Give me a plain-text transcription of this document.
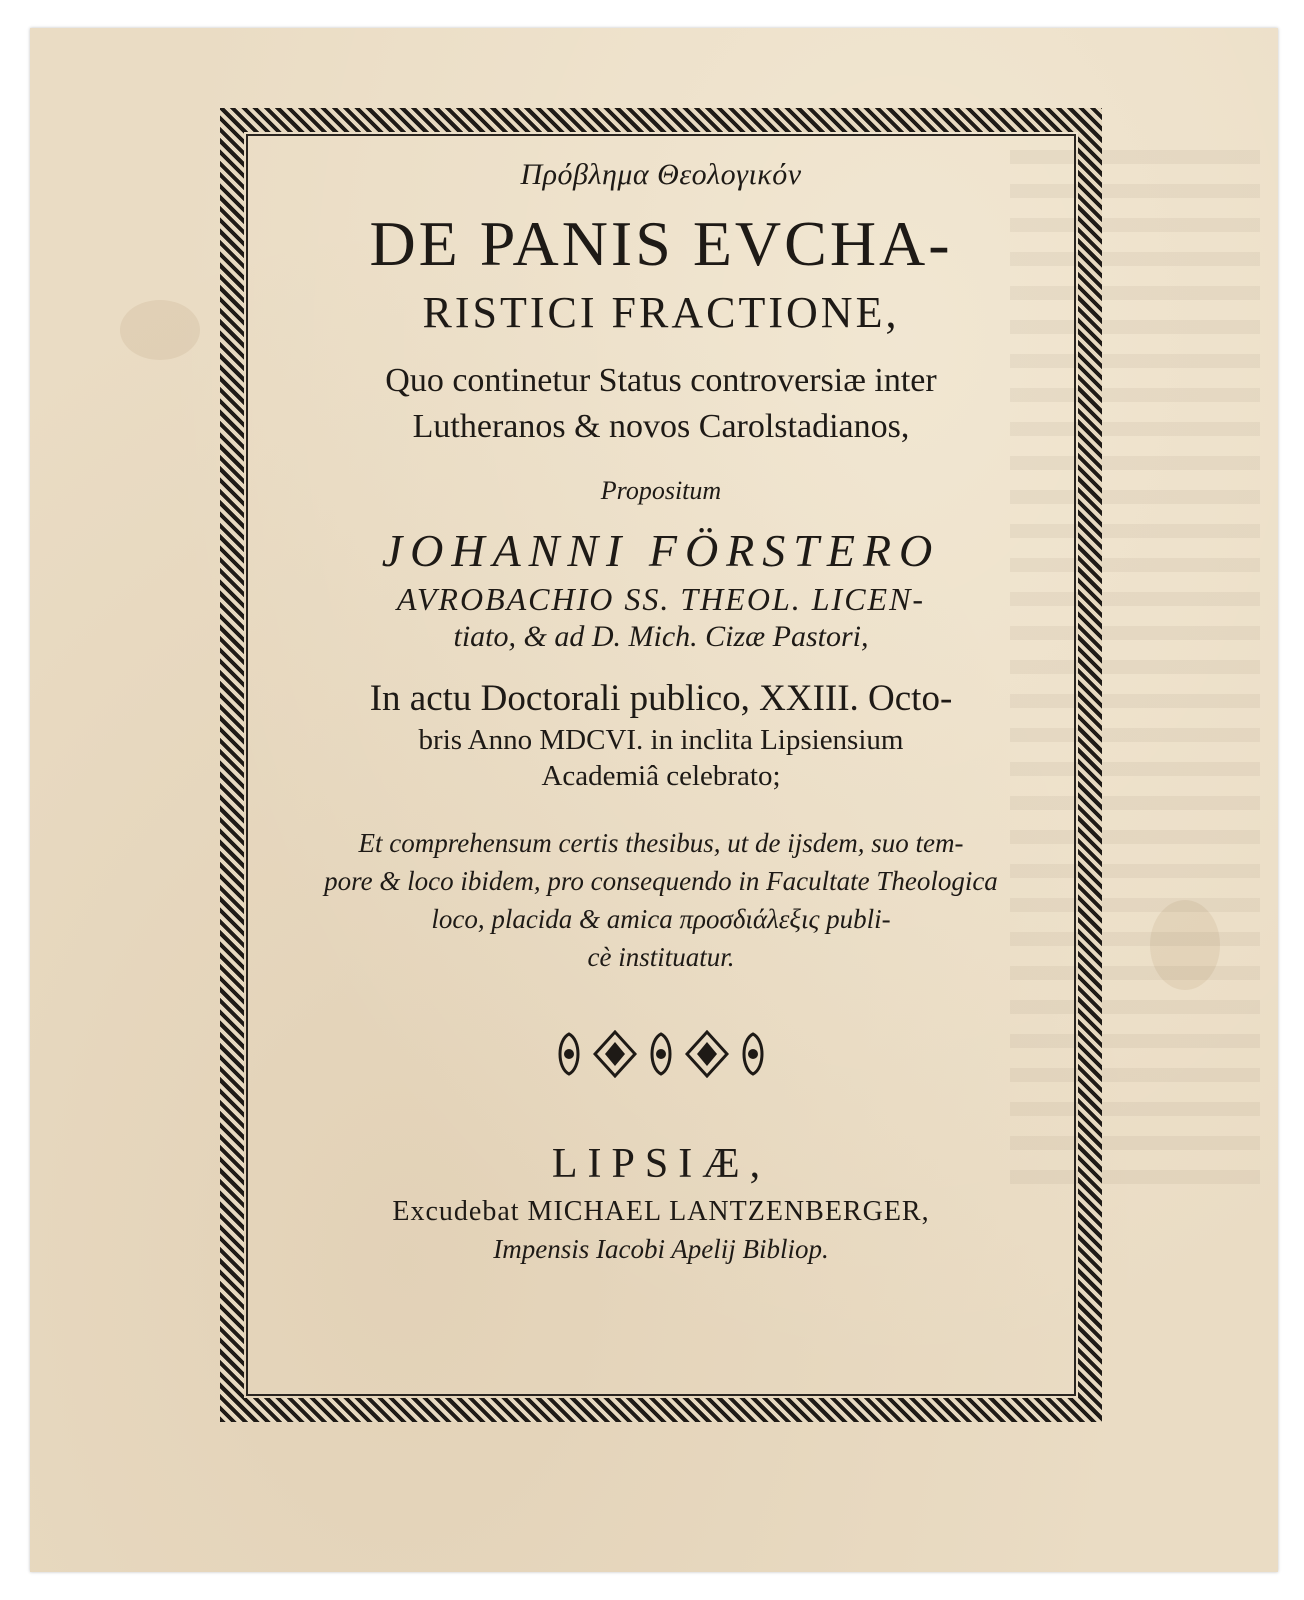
Πρόβλημα Θεολογικόν
DE PANIS EVCHA-
RISTICI FRACTIONE,
Quo continetur Status controversiæ inter
Lutheranos & novos Carolstadianos,
Propositum
JOHANNI FÖRSTERO
AVROBACHIO SS. THEOL. LICEN-
tiato, & ad D. Mich. Cizæ Pastori,
In actu Doctorali publico, XXIII. Octo-
bris Anno MDCVI. in inclita Lipsiensium
Academiâ celebrato;
Et comprehensum certis thesibus, ut de ijsdem, suo tem-
pore & loco ibidem, pro consequendo in Facultate Theologica
loco, placida & amica προσδιάλεξις publi-
cè instituatur.
LIPSIÆ,
Excudebat MICHAEL LANTZENBERGER,
Impensis Iacobi Apelij Bibliop.
